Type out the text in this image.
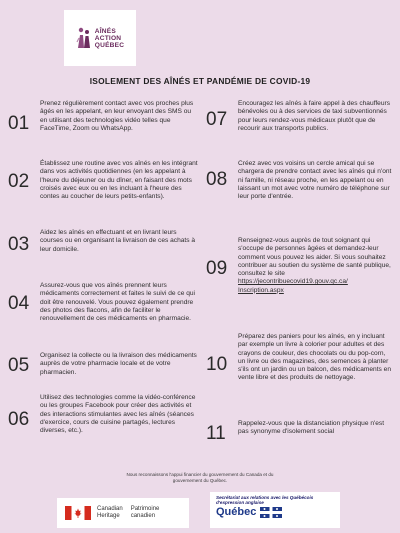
AÎNÉS
ACTION
QUÉBEC
ISOLEMENT DES AÎNÉS ET PANDÉMIE DE COVID-19
01
Prenez régulièrement contact avec vos proches plus âgés en les appelant, en leur envoyant des SMS ou en utilisant des technologies vidéo telles que FaceTime, Zoom ou WhatsApp.
02
Établissez une routine avec vos aînés en les intégrant dans vos activités quotidiennes (en les appelant à l'heure du déjeuner ou du dîner, en faisant des mots croisés avec eux ou en les incluant à l'heure des contes au coucher de leurs petits-enfants).
03
Aidez les aînés en effectuant et en livrant leurs courses ou en organisant la livraison de ces achats à leur domicile.
04
Assurez-vous que vos aînés prennent leurs médicaments correctement et faites le suivi de ce qui doit être renouvelé. Vous pouvez également prendre des photos des flacons, afin de faciliter le renouvellement de ces médicaments en pharmacie.
05	Organisez la collecte ou la livraison des médicaments auprès de votre pharmacie locale et de votre pharmacien.
06
Utilisez des technologies comme la vidéo-conférence ou les groupes Facebook pour créer des activités et des interactions stimulantes avec les aînés (séances d'exercice, cours de cuisine partagés, lectures diverses, etc.).
07
Encouragez les aînés à faire appel à des chauffeurs bénévoles ou à des services de taxi subventionnés pour leurs rendez-vous médicaux plutôt que de recourir aux transports publics.
08
Créez avec vos voisins un cercle amical qui se chargera de prendre contact avec les aînés qui n'ont ni famille, ni réseau proche, en les appelant ou en laissant un mot avec votre numéro de téléphone sur leur porte d'entrée.
09
Renseignez-vous auprès de tout soignant qui s'occupe de personnes âgées et demandez-leur comment vous pouvez les aider. Si vous souhaitez contribuer au soutien du système de santé publique, consultez le site https://jecontribuecovid19.gouv.qc.ca/ Inscription.aspx
10
Préparez des paniers pour les aînés, en y incluant par exemple un livre à colorier pour adultes et des crayons de couleur, des chocolats ou du pop-corn, un livre ou des magazines, des semences à planter s'ils ont un jardin ou un balcon, des médicaments en vente libre et des produits de nettoyage.
11	Rappelez-vous que la distanciation physique n'est pas synonyme d'isolement social
Nous reconnaissons l'appui financier du gouvernement du Canada et du gouvernement du Québec.
Canadian
Heritage
Patrimoine
canadien
Secrétariat aux relations avec les Québécois d'expression anglaise
Québec
